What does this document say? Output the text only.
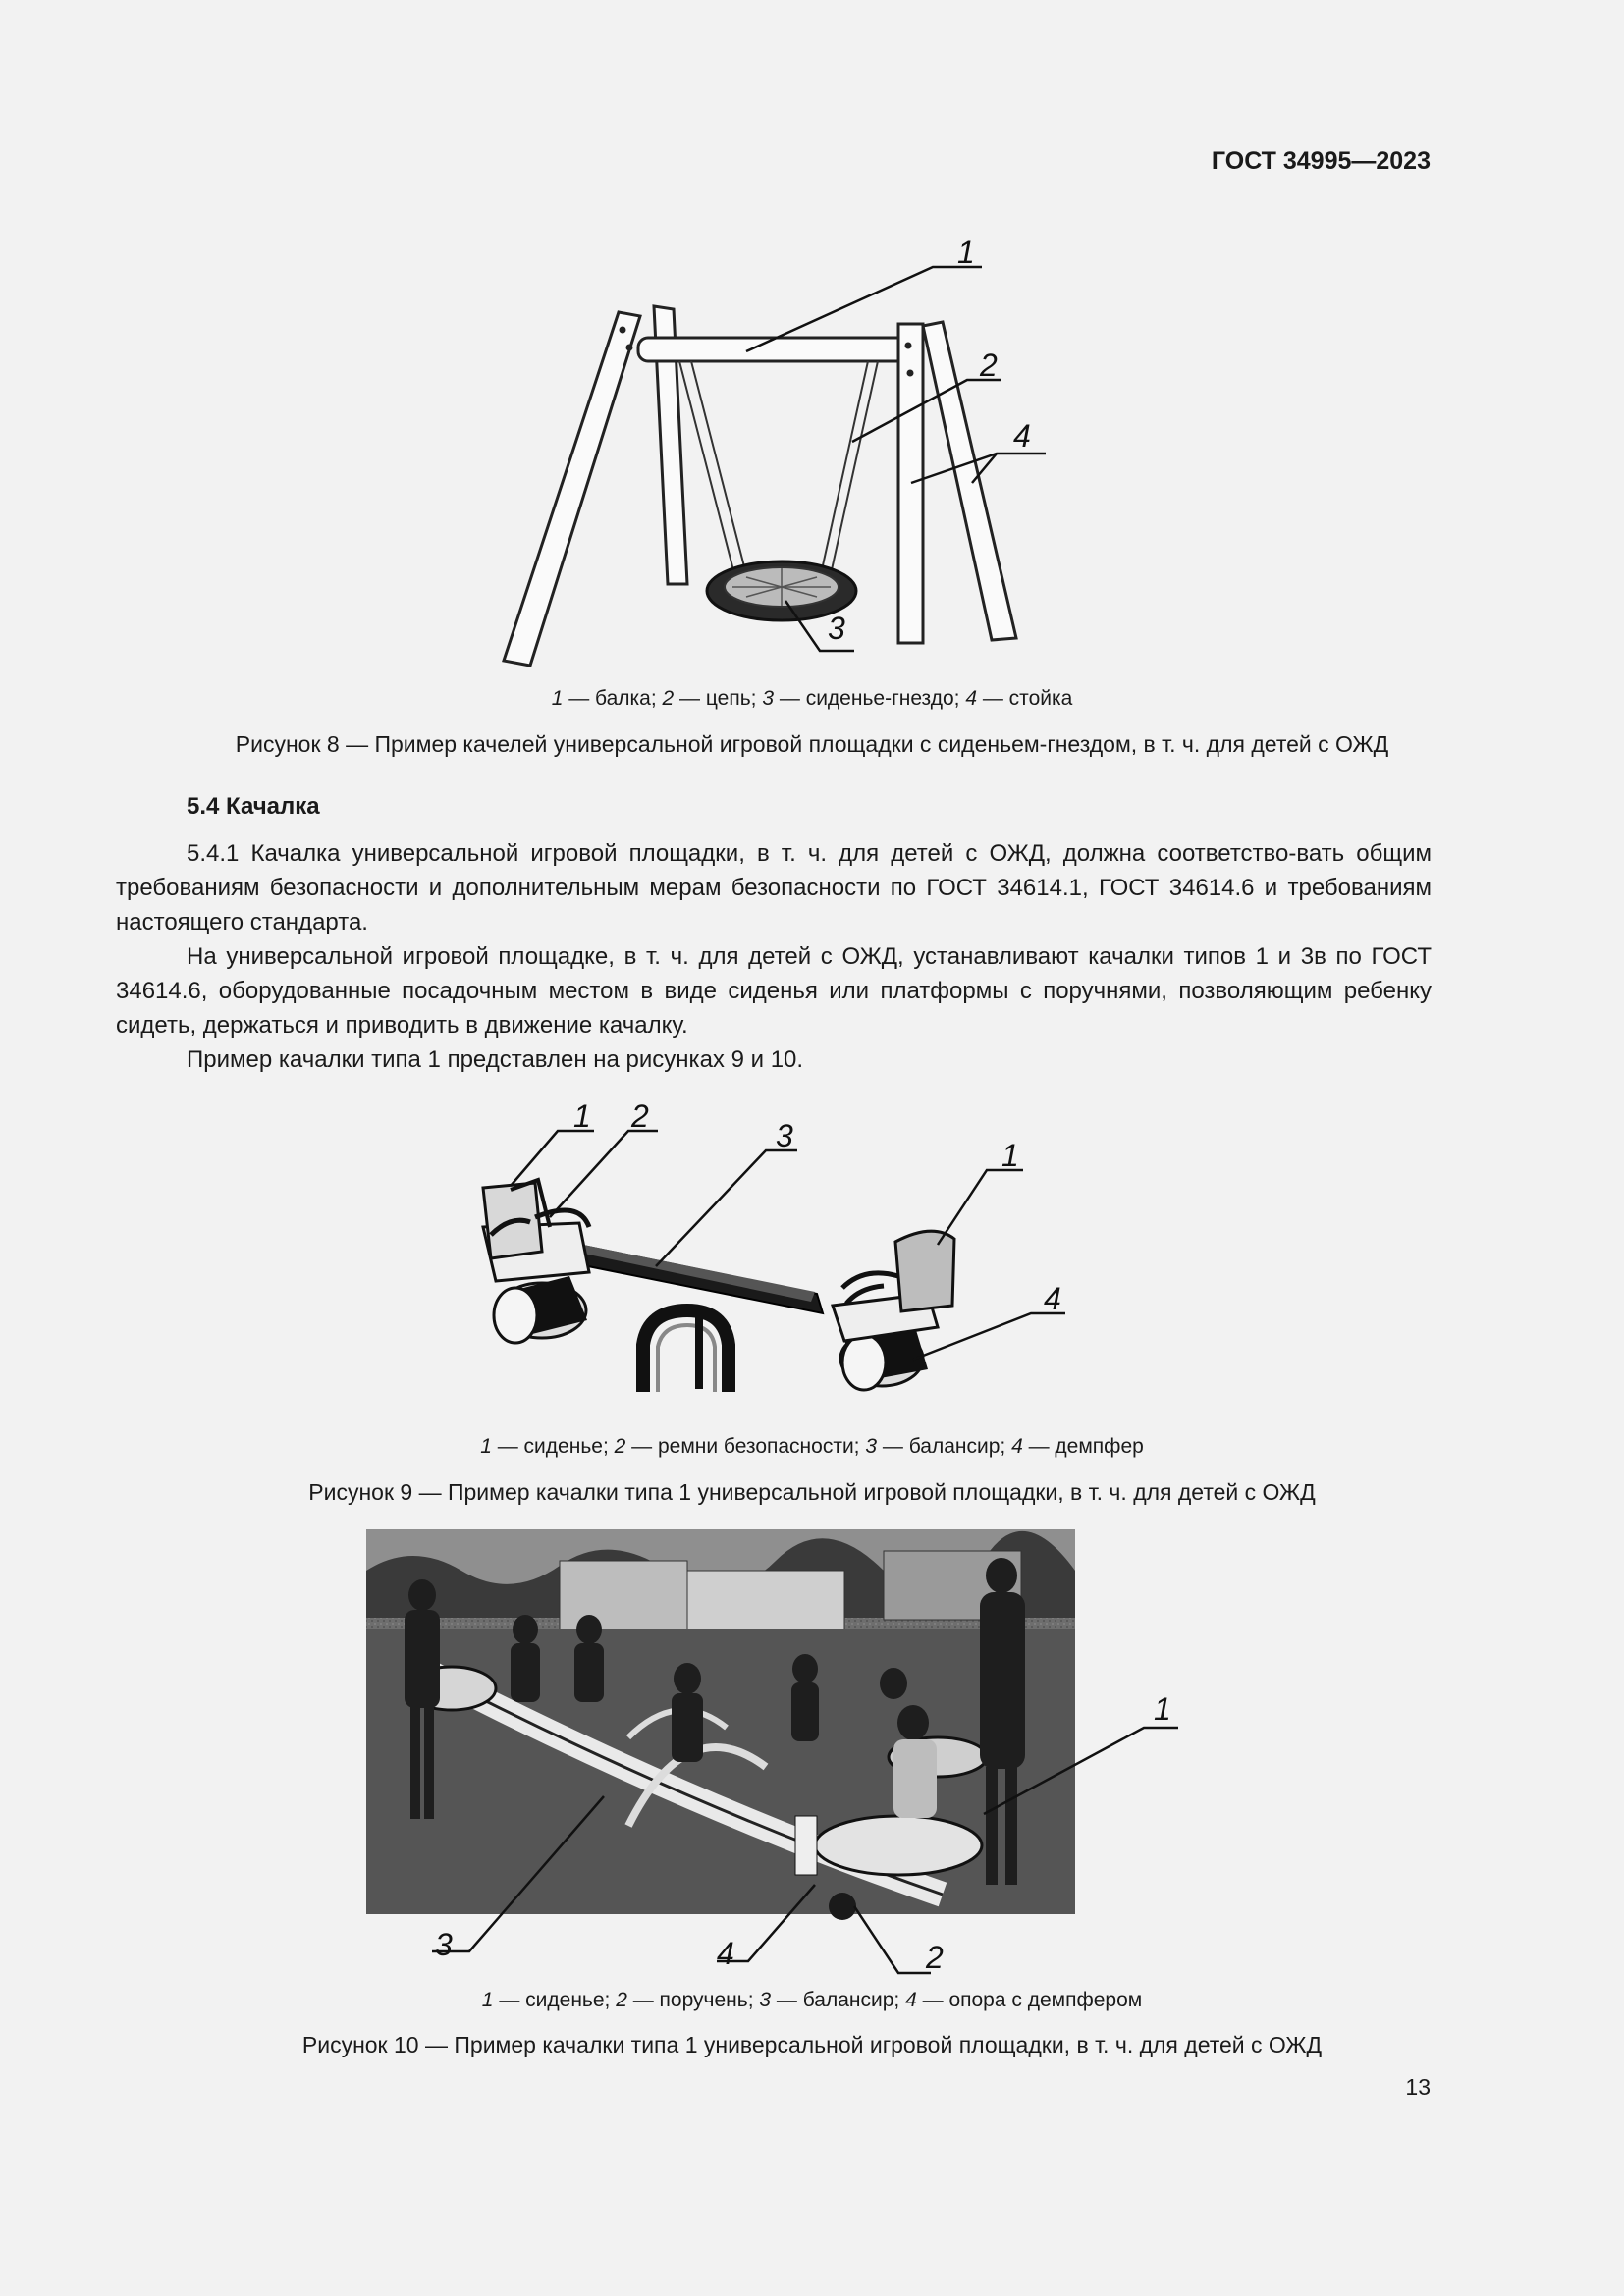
ГОСТ 34995—2023
1
2
4
3
1 — балка; 2 — цепь; 3 — сиденье-гнездо; 4 — стойка
Рисунок 8 — Пример качелей универсальной игровой площадки с сиденьем-гнездом, в т. ч. для детей с ОЖД
5.4 Качалка

5.4.1 Качалка универсальной игровой площадки, в т. ч. для детей с ОЖД, должна соответство-вать общим требованиям безопасности и дополнительным мерам безопасности по ГОСТ 34614.1, ГОСТ 34614.6 и требованиям настоящего стандарта.

На универсальной игровой площадке, в т. ч. для детей с ОЖД, устанавливают качалки типов 1 и 3в по ГОСТ 34614.6, оборудованные посадочным местом в виде сиденья или платформы с поручнями, позволяющим ребенку сидеть, держаться и приводить в движение качалку.

Пример качалки типа 1 представлен на рисунках 9 и 10.

1 2
3
1
4
1 — сиденье; 2 — ремни безопасности; 3 — балансир; 4 — демпфер
Рисунок 9 — Пример качалки типа 1 универсальной игровой площадки, в т. ч. для детей с ОЖД
1
3	4	2
1 — сиденье; 2 — поручень; 3 — балансир; 4 — опора с демпфером
Рисунок 10 — Пример качалки типа 1 универсальной игровой площадки, в т. ч. для детей с ОЖД
13
